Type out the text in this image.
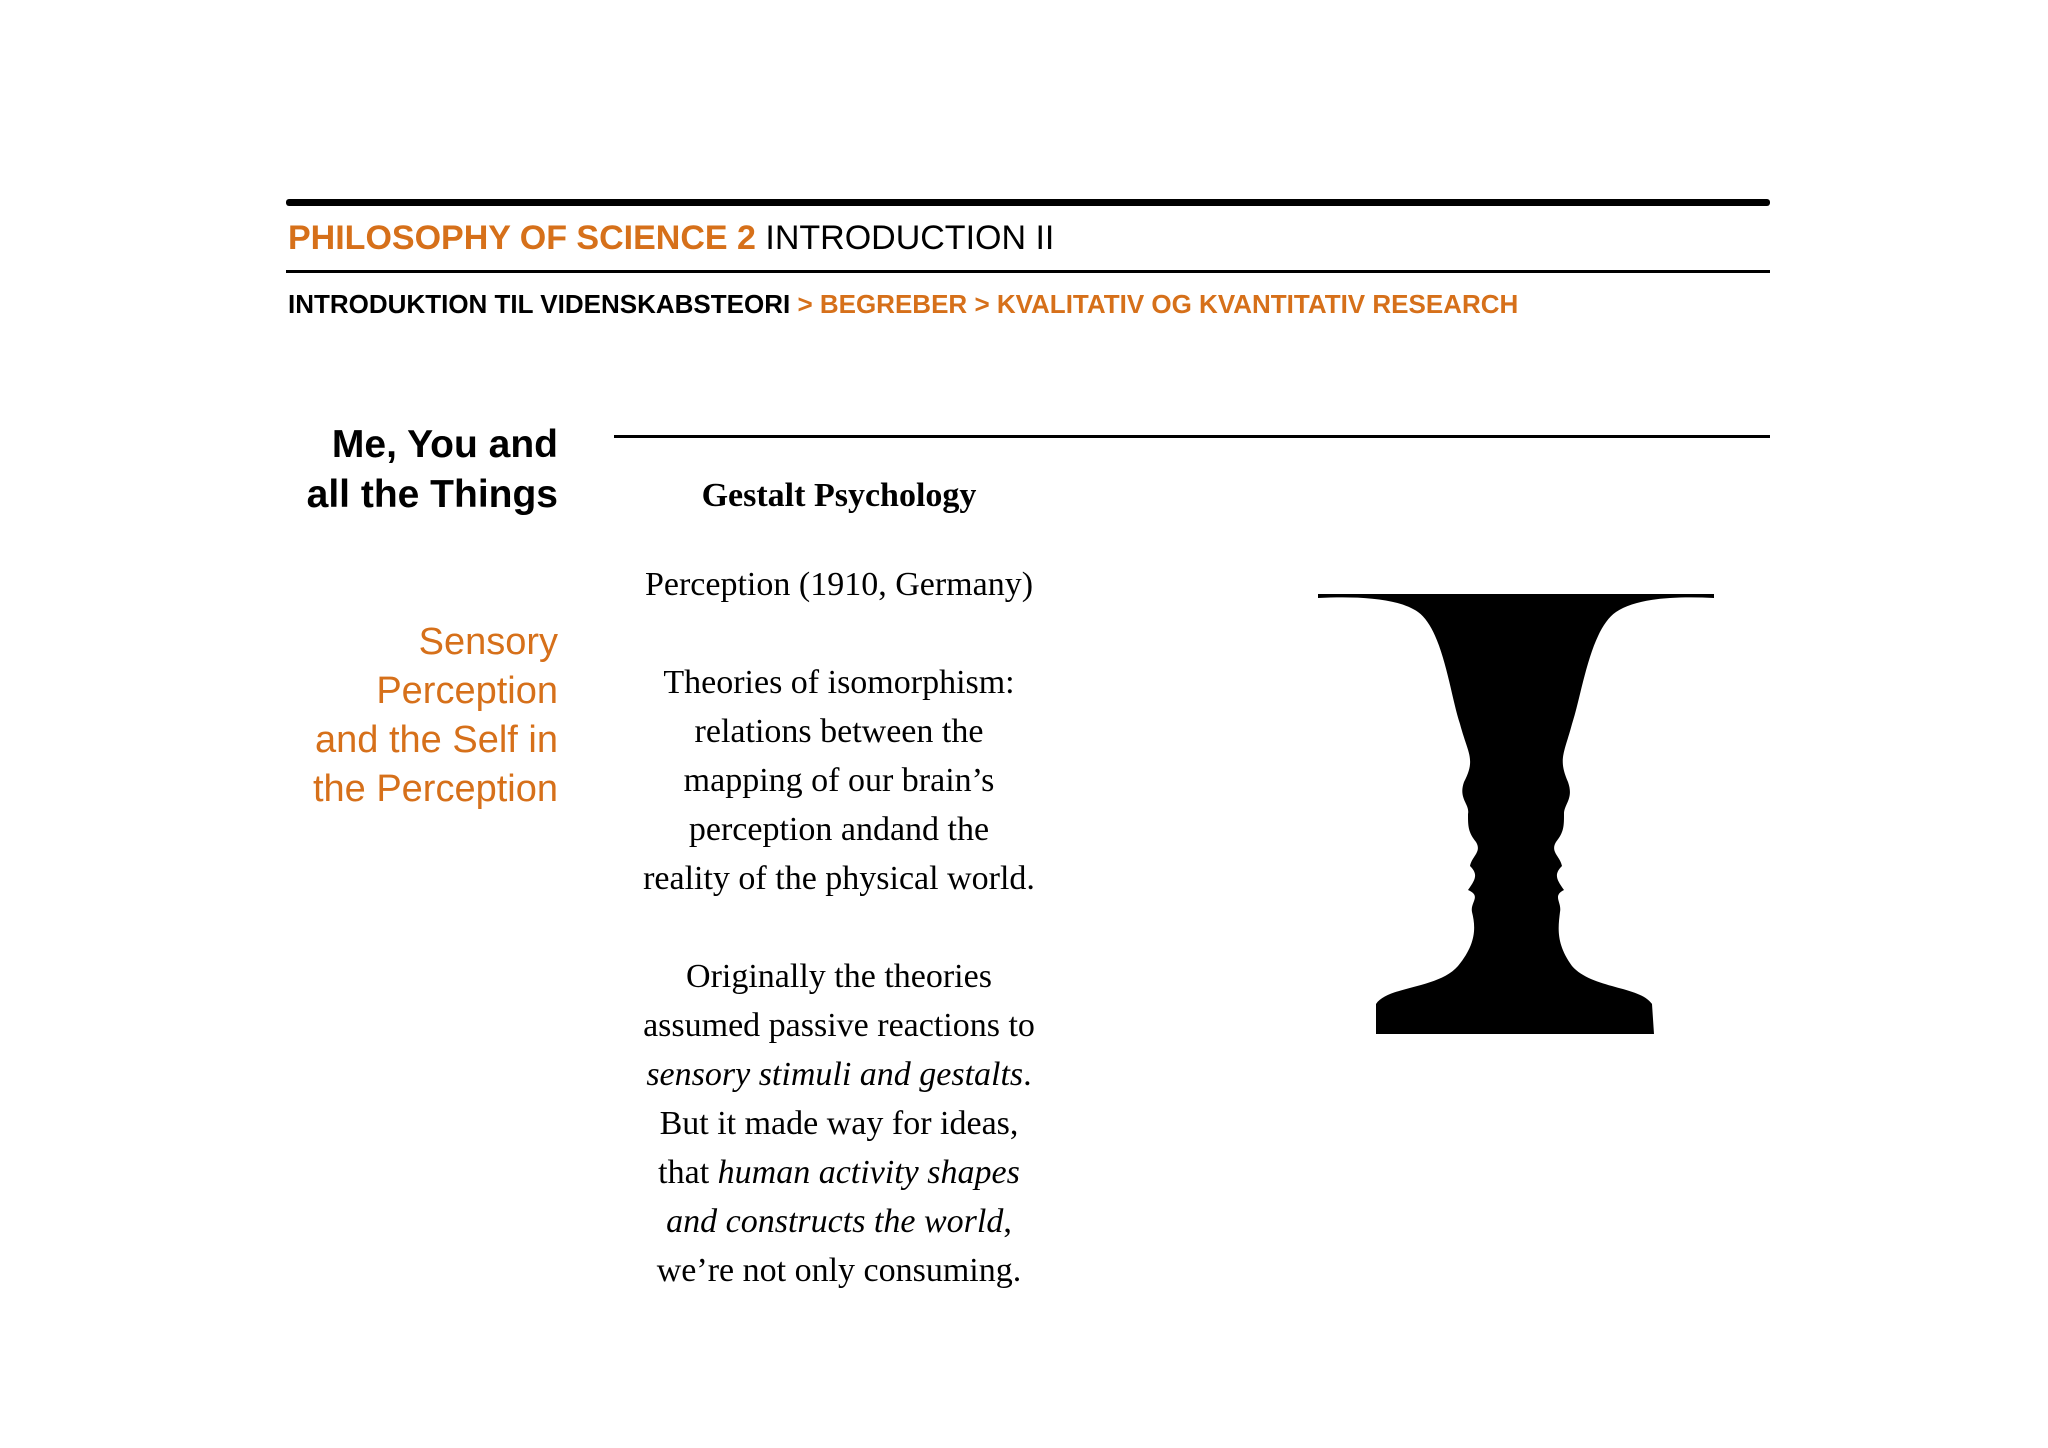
PHILOSOPHY OF SCIENCE 2 INTRODUCTION II
INTRODUKTION TIL VIDENSKABSTEORI > BEGREBER > KVALITATIV OG KVANTITATIV RESEARCH
Me, You and
all the Things
Sensory
Perception
and the Self in
the Perception
Gestalt Psychology
Perception (1910, Germany)
Theories of isomorphism:
relations between the
mapping of our brain’s
perception andand the
reality of the physical world.
Originally the theories
assumed passive reactions to
sensory stimuli and gestalts.
But it made way for ideas,
that human activity shapes
and constructs the world,
we’re not only consuming.
